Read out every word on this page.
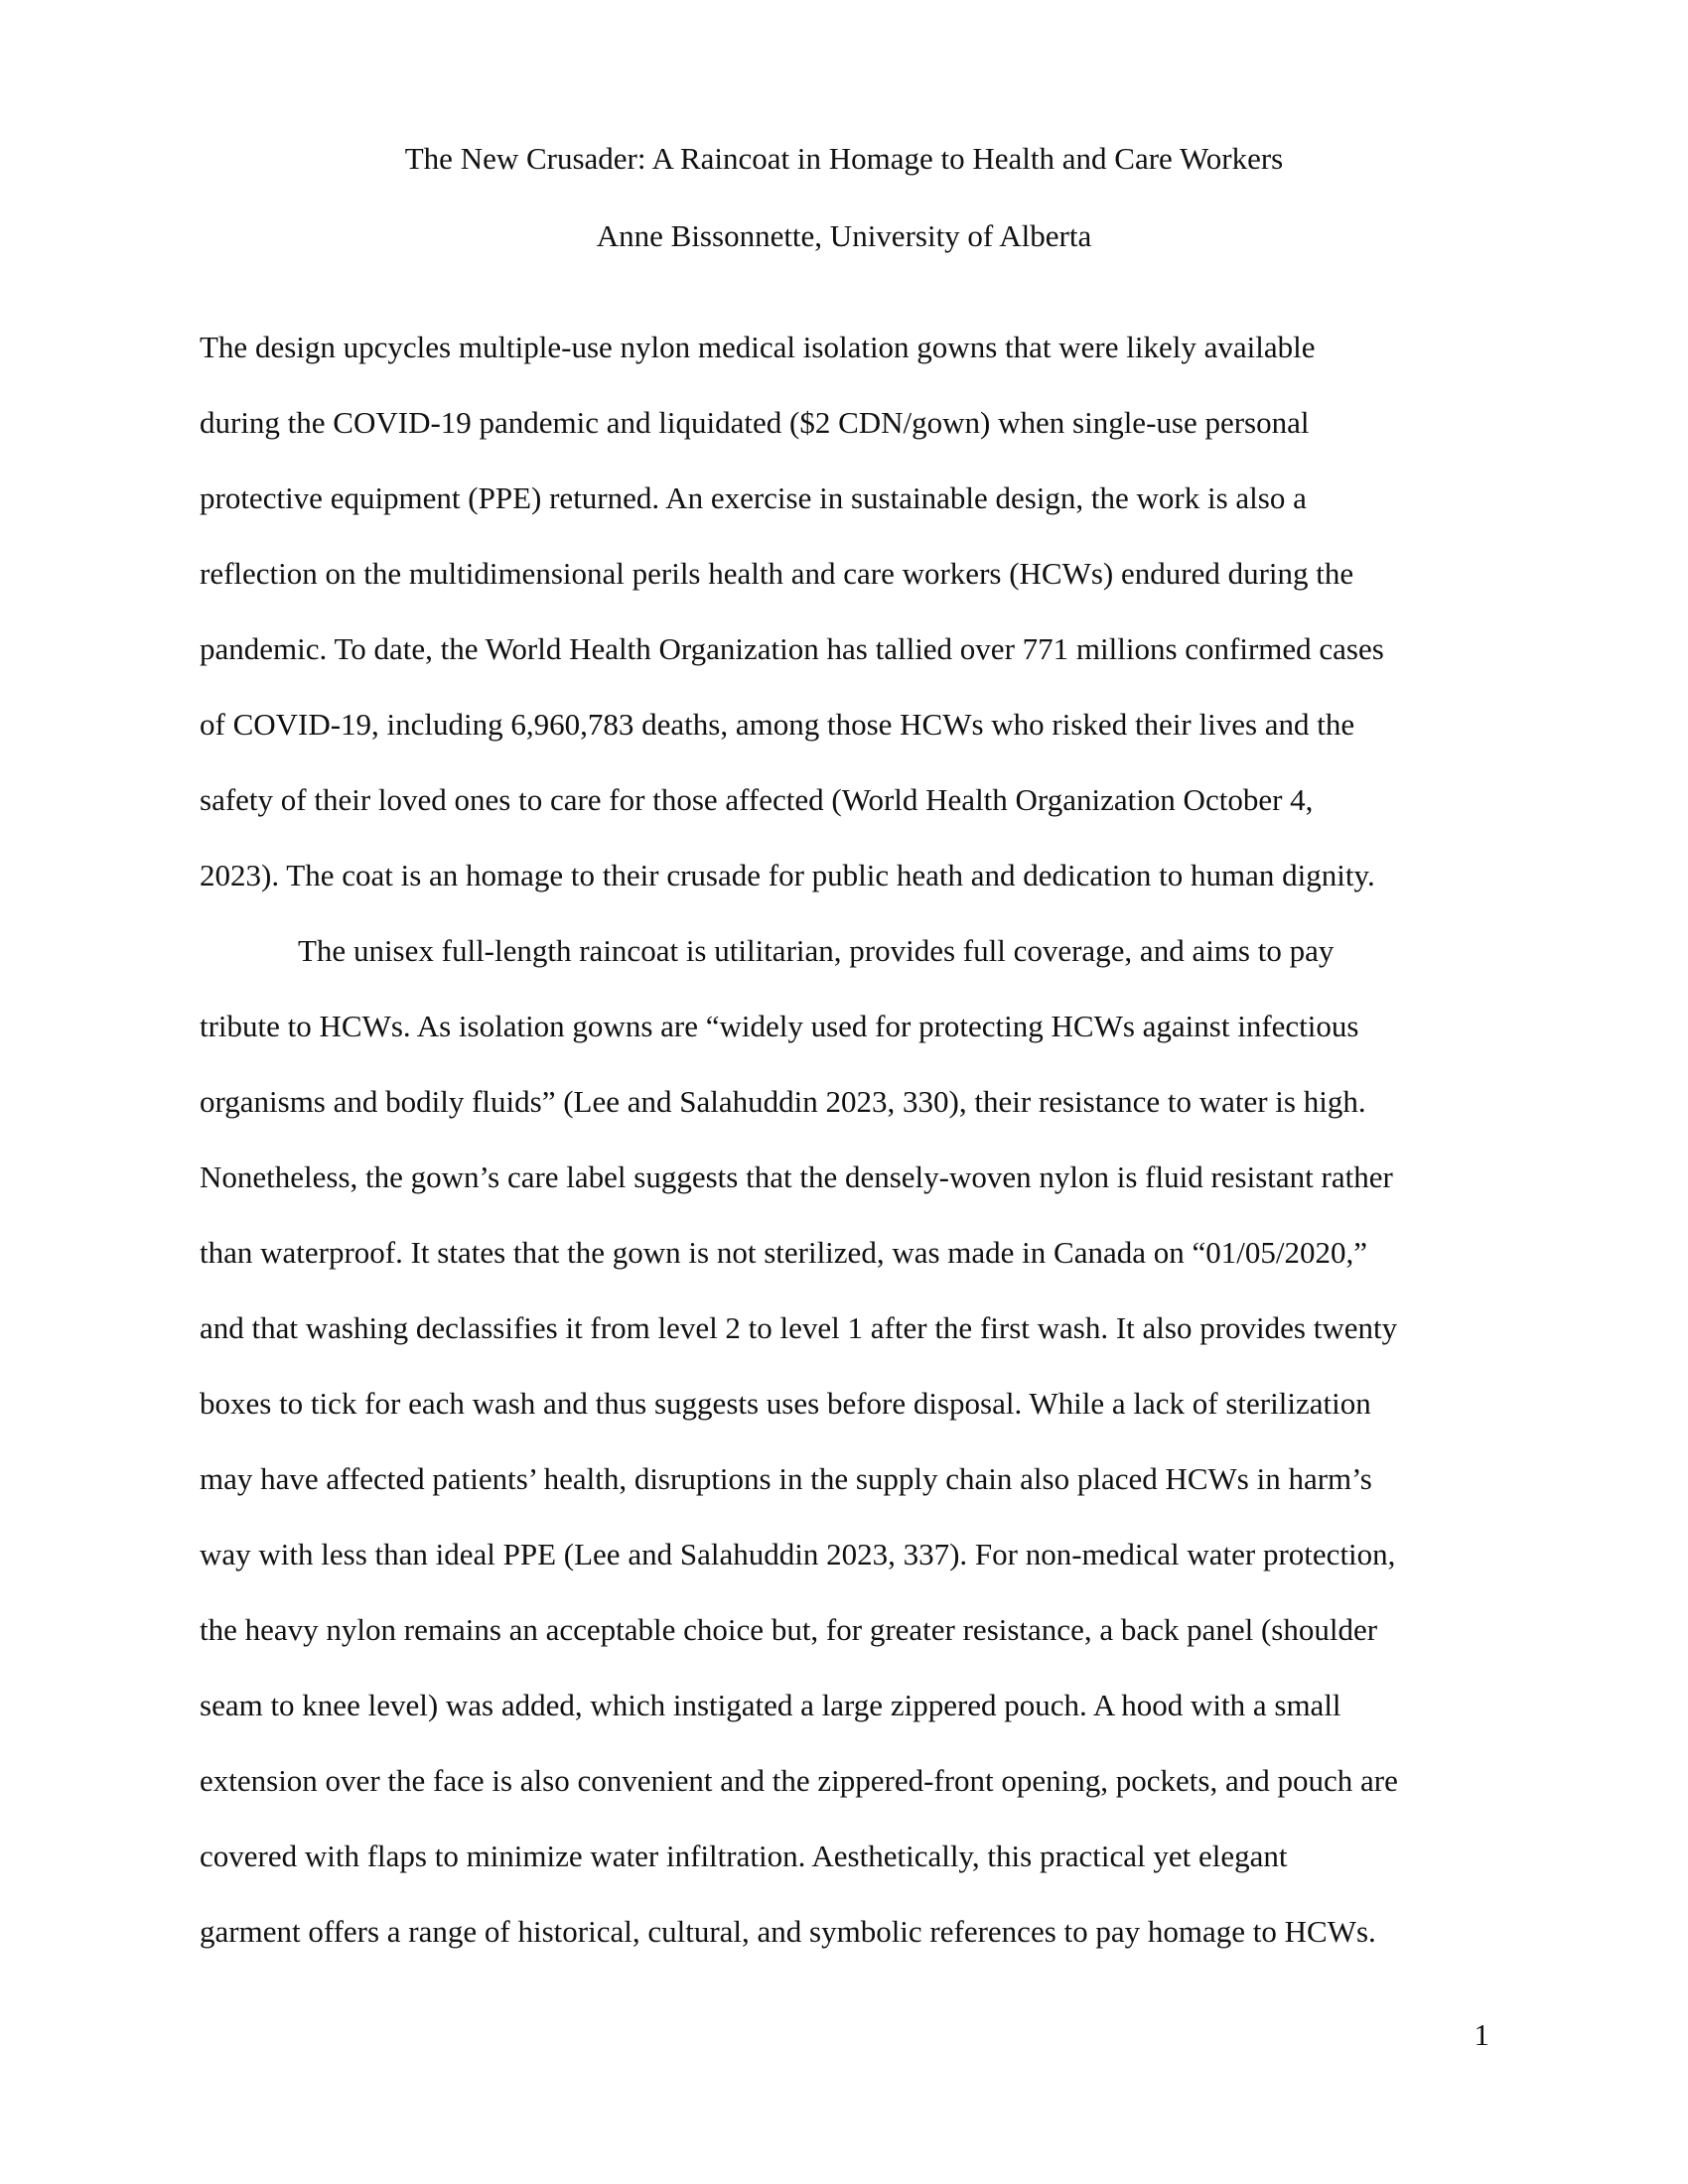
The New Crusader: A Raincoat in Homage to Health and Care Workers
Anne Bissonnette, University of Alberta
The design upcycles multiple-use nylon medical isolation gowns that were likely available
during the COVID-19 pandemic and liquidated ($2 CDN/gown) when single-use personal
protective equipment (PPE) returned. An exercise in sustainable design, the work is also a
reflection on the multidimensional perils health and care workers (HCWs) endured during the
pandemic. To date, the World Health Organization has tallied over 771 millions confirmed cases
of COVID-19, including 6,960,783 deaths, among those HCWs who risked their lives and the
safety of their loved ones to care for those affected (World Health Organization October 4,
2023). The coat is an homage to their crusade for public heath and dedication to human dignity.
The unisex full-length raincoat is utilitarian, provides full coverage, and aims to pay
tribute to HCWs. As isolation gowns are “widely used for protecting HCWs against infectious
organisms and bodily fluids” (Lee and Salahuddin 2023, 330), their resistance to water is high.
Nonetheless, the gown’s care label suggests that the densely-woven nylon is fluid resistant rather
than waterproof. It states that the gown is not sterilized, was made in Canada on “01/05/2020,”
and that washing declassifies it from level 2 to level 1 after the first wash. It also provides twenty
boxes to tick for each wash and thus suggests uses before disposal. While a lack of sterilization
may have affected patients’ health, disruptions in the supply chain also placed HCWs in harm’s
way with less than ideal PPE (Lee and Salahuddin 2023, 337). For non-medical water protection,
the heavy nylon remains an acceptable choice but, for greater resistance, a back panel (shoulder
seam to knee level) was added, which instigated a large zippered pouch. A hood with a small
extension over the face is also convenient and the zippered-front opening, pockets, and pouch are
covered with flaps to minimize water infiltration. Aesthetically, this practical yet elegant
garment offers a range of historical, cultural, and symbolic references to pay homage to HCWs.
1
